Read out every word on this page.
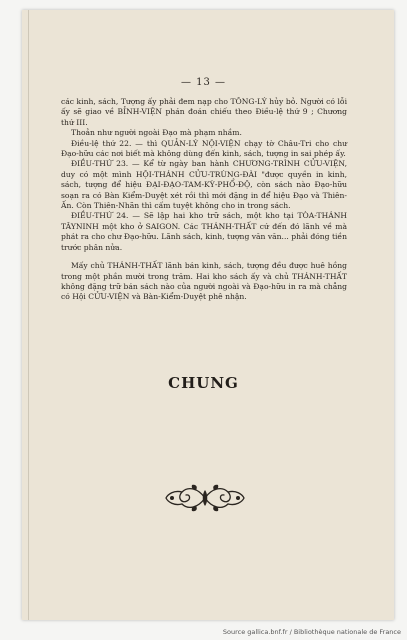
— 13 —

các kinh, sách, Tượng ấy phải đem nạp cho TÔNG-LÝ hủy bỏ. Người có lỗi ấy sẽ giao về BỈNH-VIỆN phán đoán chiếu theo Điều-lệ thứ 9 ; Chương thứ III.

Thoản như người ngoài Đạo mà phạm nhầm.

Điều-lệ thứ 22. — thì QUẢN-LÝ NỘI-VIỆN chạy tờ Châu-Tri cho chư Đạo-hữu các nơi biết mà không dùng đến kinh, sách, tượng in sai phép ấy.

ĐIỀU-THỨ 23. — Kể từ ngày ban hành CHƯƠNG-TRÌNH CỬU-VIỆN, duy có một mình HỘI-THÁNH CỬU-TRÙNG-ĐÀI "được quyền in kinh, sách, tượng để hiệu ĐẠI-ĐẠO-TAM-KỲ-PHỔ-ĐỘ, còn sách nào Đạo-hữu soạn ra có Bàn Kiểm-Duyệt xét rồi thì mới đặng in để hiệu Đạo và Thiên-Ấn. Còn Thiên-Nhãn thì cấm tuyệt không cho in trong sách.

ĐIỀU-THỨ 24. — Sẽ lập hai kho trữ sách, một kho tại TÒA-THÁNH TÂYNINH một kho ở SAIGON. Các THÁNH-THẤT cứ đến đó lãnh về mà phát ra cho chư Đạo-hữu. Lãnh sách, kinh, tượng văn văn... phải đóng tiền trước phân nửa.

Mấy chủ THÁNH-THẤT lãnh bán kinh, sách, tượng đều được huê hồng trong một phần mười trong trăm. Hai kho sách ấy và chủ THÁNH-THẤT không đặng trữ bán sách nào của người ngoài và Đạo-hữu in ra mà chẳng có Hội CỬU-VIỆN và Bàn-Kiểm-Duyệt phê nhận.

CHUNG
Source gallica.bnf.fr / Bibliothèque nationale de France
